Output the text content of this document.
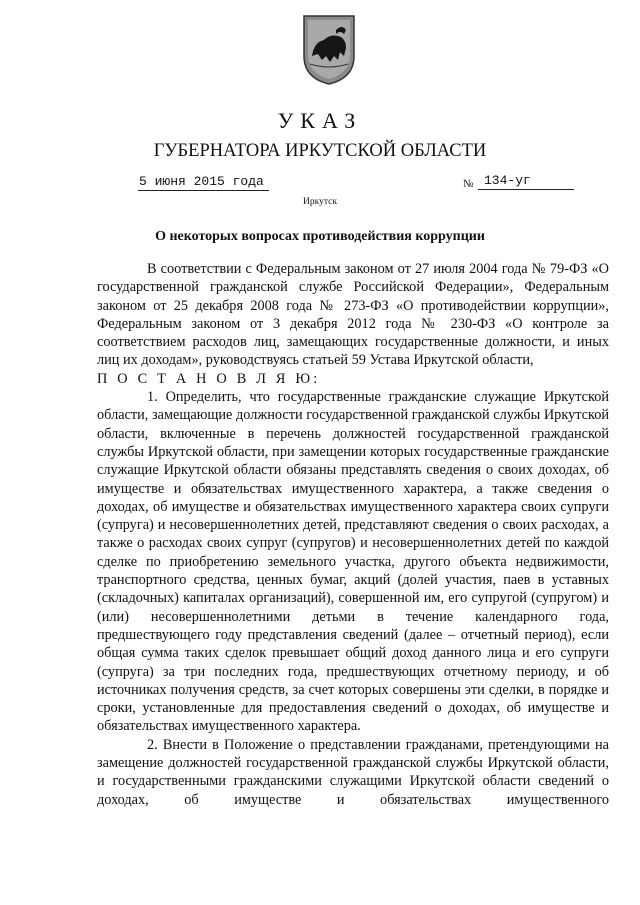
УКАЗ
ГУБЕРНАТОРА ИРКУТСКОЙ ОБЛАСТИ
5 июня 2015 года	№ 134-уг
Иркутск
О некоторых вопросах противодействия коррупции

В соответствии с Федеральным законом от 27 июля 2004 года № 79-ФЗ «О государственной гражданской службе Российской Федерации», Федеральным законом от 25 декабря 2008 года № 273-ФЗ «О противодействии коррупции», Федеральным законом от 3 декабря 2012 года № 230-ФЗ «О контроле за соответствием расходов лиц, замещающих государственные должности, и иных лиц их доходам», руководствуясь статьей 59 Устава Иркутской области,

П О С Т А Н О В Л Я Ю:

1. Определить, что государственные гражданские служащие Иркутской области, замещающие должности государственной гражданской службы Иркутской области, включенные в перечень должностей государственной гражданской службы Иркутской области, при замещении которых государственные гражданские служащие Иркутской области обязаны представлять сведения о своих доходах, об имуществе и обязательствах имущественного характера, а также сведения о доходах, об имуществе и обязательствах имущественного характера своих супруги (супруга) и несовершеннолетних детей, представляют сведения о своих расходах, а также о расходах своих супруг (супругов) и несовершеннолетних детей по каждой сделке по приобретению земельного участка, другого объекта недвижимости, транспортного средства, ценных бумаг, акций (долей участия, паев в уставных (складочных) капиталах организаций), совершенной им, его супругой (супругом) и (или) несовершеннолетними детьми в течение календарного года, предшествующего году представления сведений (далее – отчетный период), если общая сумма таких сделок превышает общий доход данного лица и его супруги (супруга) за три последних года, предшествующих отчетному периоду, и об источниках получения средств, за счет которых совершены эти сделки, в порядке и сроки, установленные для предоставления сведений о доходах, об имуществе и обязательствах имущественного характера.

2. Внести в Положение о представлении гражданами, претендующими на замещение должностей государственной гражданской службы Иркутской области, и государственными гражданскими служащими Иркутской области сведений о доходах, об имуществе и обязательствах имущественного
